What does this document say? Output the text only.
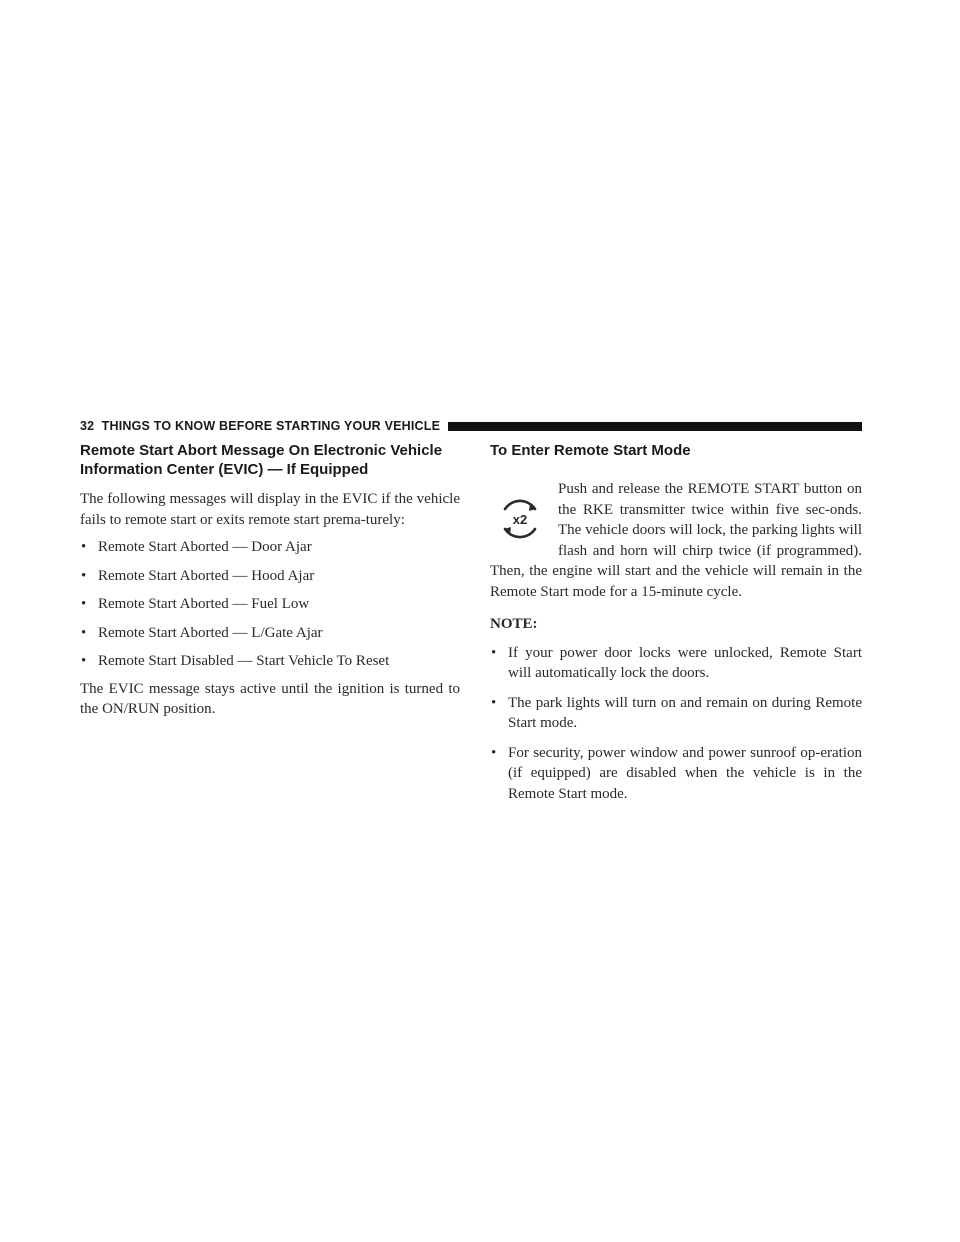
32 THINGS TO KNOW BEFORE STARTING YOUR VEHICLE
Remote Start Abort Message On Electronic Vehicle Information Center (EVIC) — If Equipped

The following messages will display in the EVIC if the vehicle fails to remote start or exits remote start prema-turely:

• Remote Start Aborted — Door Ajar
• Remote Start Aborted — Hood Ajar
• Remote Start Aborted — Fuel Low
• Remote Start Aborted — L/Gate Ajar
• Remote Start Disabled — Start Vehicle To Reset

The EVIC message stays active until the ignition is turned to the ON/RUN position.

To Enter Remote Start Mode
x2

Push and release the REMOTE START button on the RKE transmitter twice within five sec-onds. The vehicle doors will lock, the parking lights will flash and horn will chirp twice (if programmed). Then, the engine will start and the vehicle will remain in the Remote Start mode for a 15-minute cycle.

NOTE:

• If your power door locks were unlocked, Remote Start will automatically lock the doors.
• The park lights will turn on and remain on during Remote Start mode.
• For security, power window and power sunroof op-eration (if equipped) are disabled when the vehicle is in the Remote Start mode.
